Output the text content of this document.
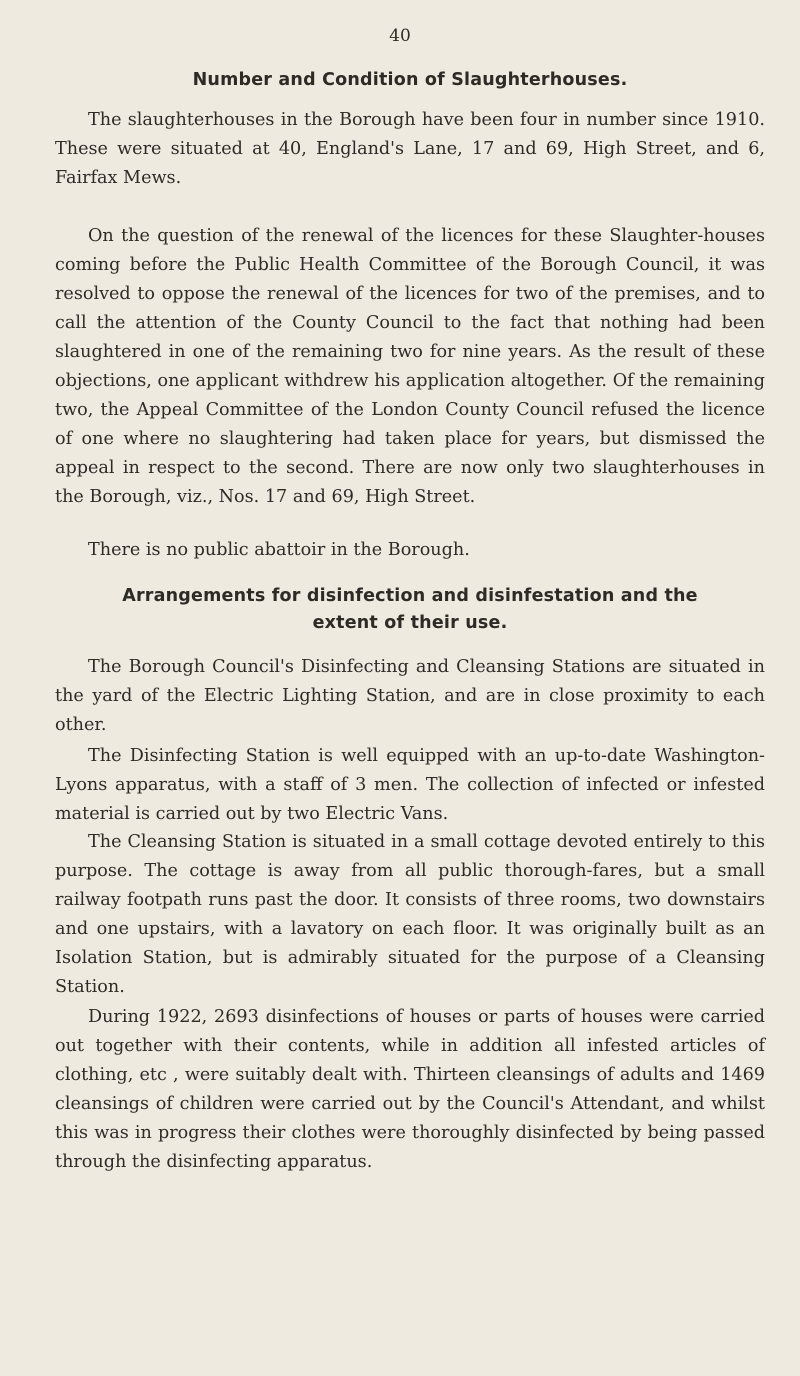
40
Number and Condition of Slaughterhouses.

The slaughterhouses in the Borough have been four in number since 1910. These were situated at 40, England's Lane, 17 and 69, High Street, and 6, Fairfax Mews.

On the question of the renewal of the licences for these Slaughter-houses coming before the Public Health Committee of the Borough Council, it was resolved to oppose the renewal of the licences for two of the premises, and to call the attention of the County Council to the fact that nothing had been slaughtered in one of the remaining two for nine years. As the result of these objections, one applicant withdrew his application altogether. Of the remaining two, the Appeal Committee of the London County Council refused the licence of one where no slaughtering had taken place for years, but dismissed the appeal in respect to the second. There are now only two slaughterhouses in the Borough, viz., Nos. 17 and 69, High Street.

There is no public abattoir in the Borough.

Arrangements for disinfection and disinfestation and the extent of their use.

The Borough Council's Disinfecting and Cleansing Stations are situated in the yard of the Electric Lighting Station, and are in close proximity to each other.

The Disinfecting Station is well equipped with an up-to-date Washington-Lyons apparatus, with a staff of 3 men. The collection of infected or infested material is carried out by two Electric Vans.

The Cleansing Station is situated in a small cottage devoted entirely to this purpose. The cottage is away from all public thorough-fares, but a small railway footpath runs past the door. It consists of three rooms, two downstairs and one upstairs, with a lavatory on each floor. It was originally built as an Isolation Station, but is admirably situated for the purpose of a Cleansing Station.

During 1922, 2693 disinfections of houses or parts of houses were carried out together with their contents, while in addition all infested articles of clothing, etc , were suitably dealt with. Thirteen cleansings of adults and 1469 cleansings of children were carried out by the Council's Attendant, and whilst this was in progress their clothes were thoroughly disinfected by being passed through the disinfecting apparatus.
